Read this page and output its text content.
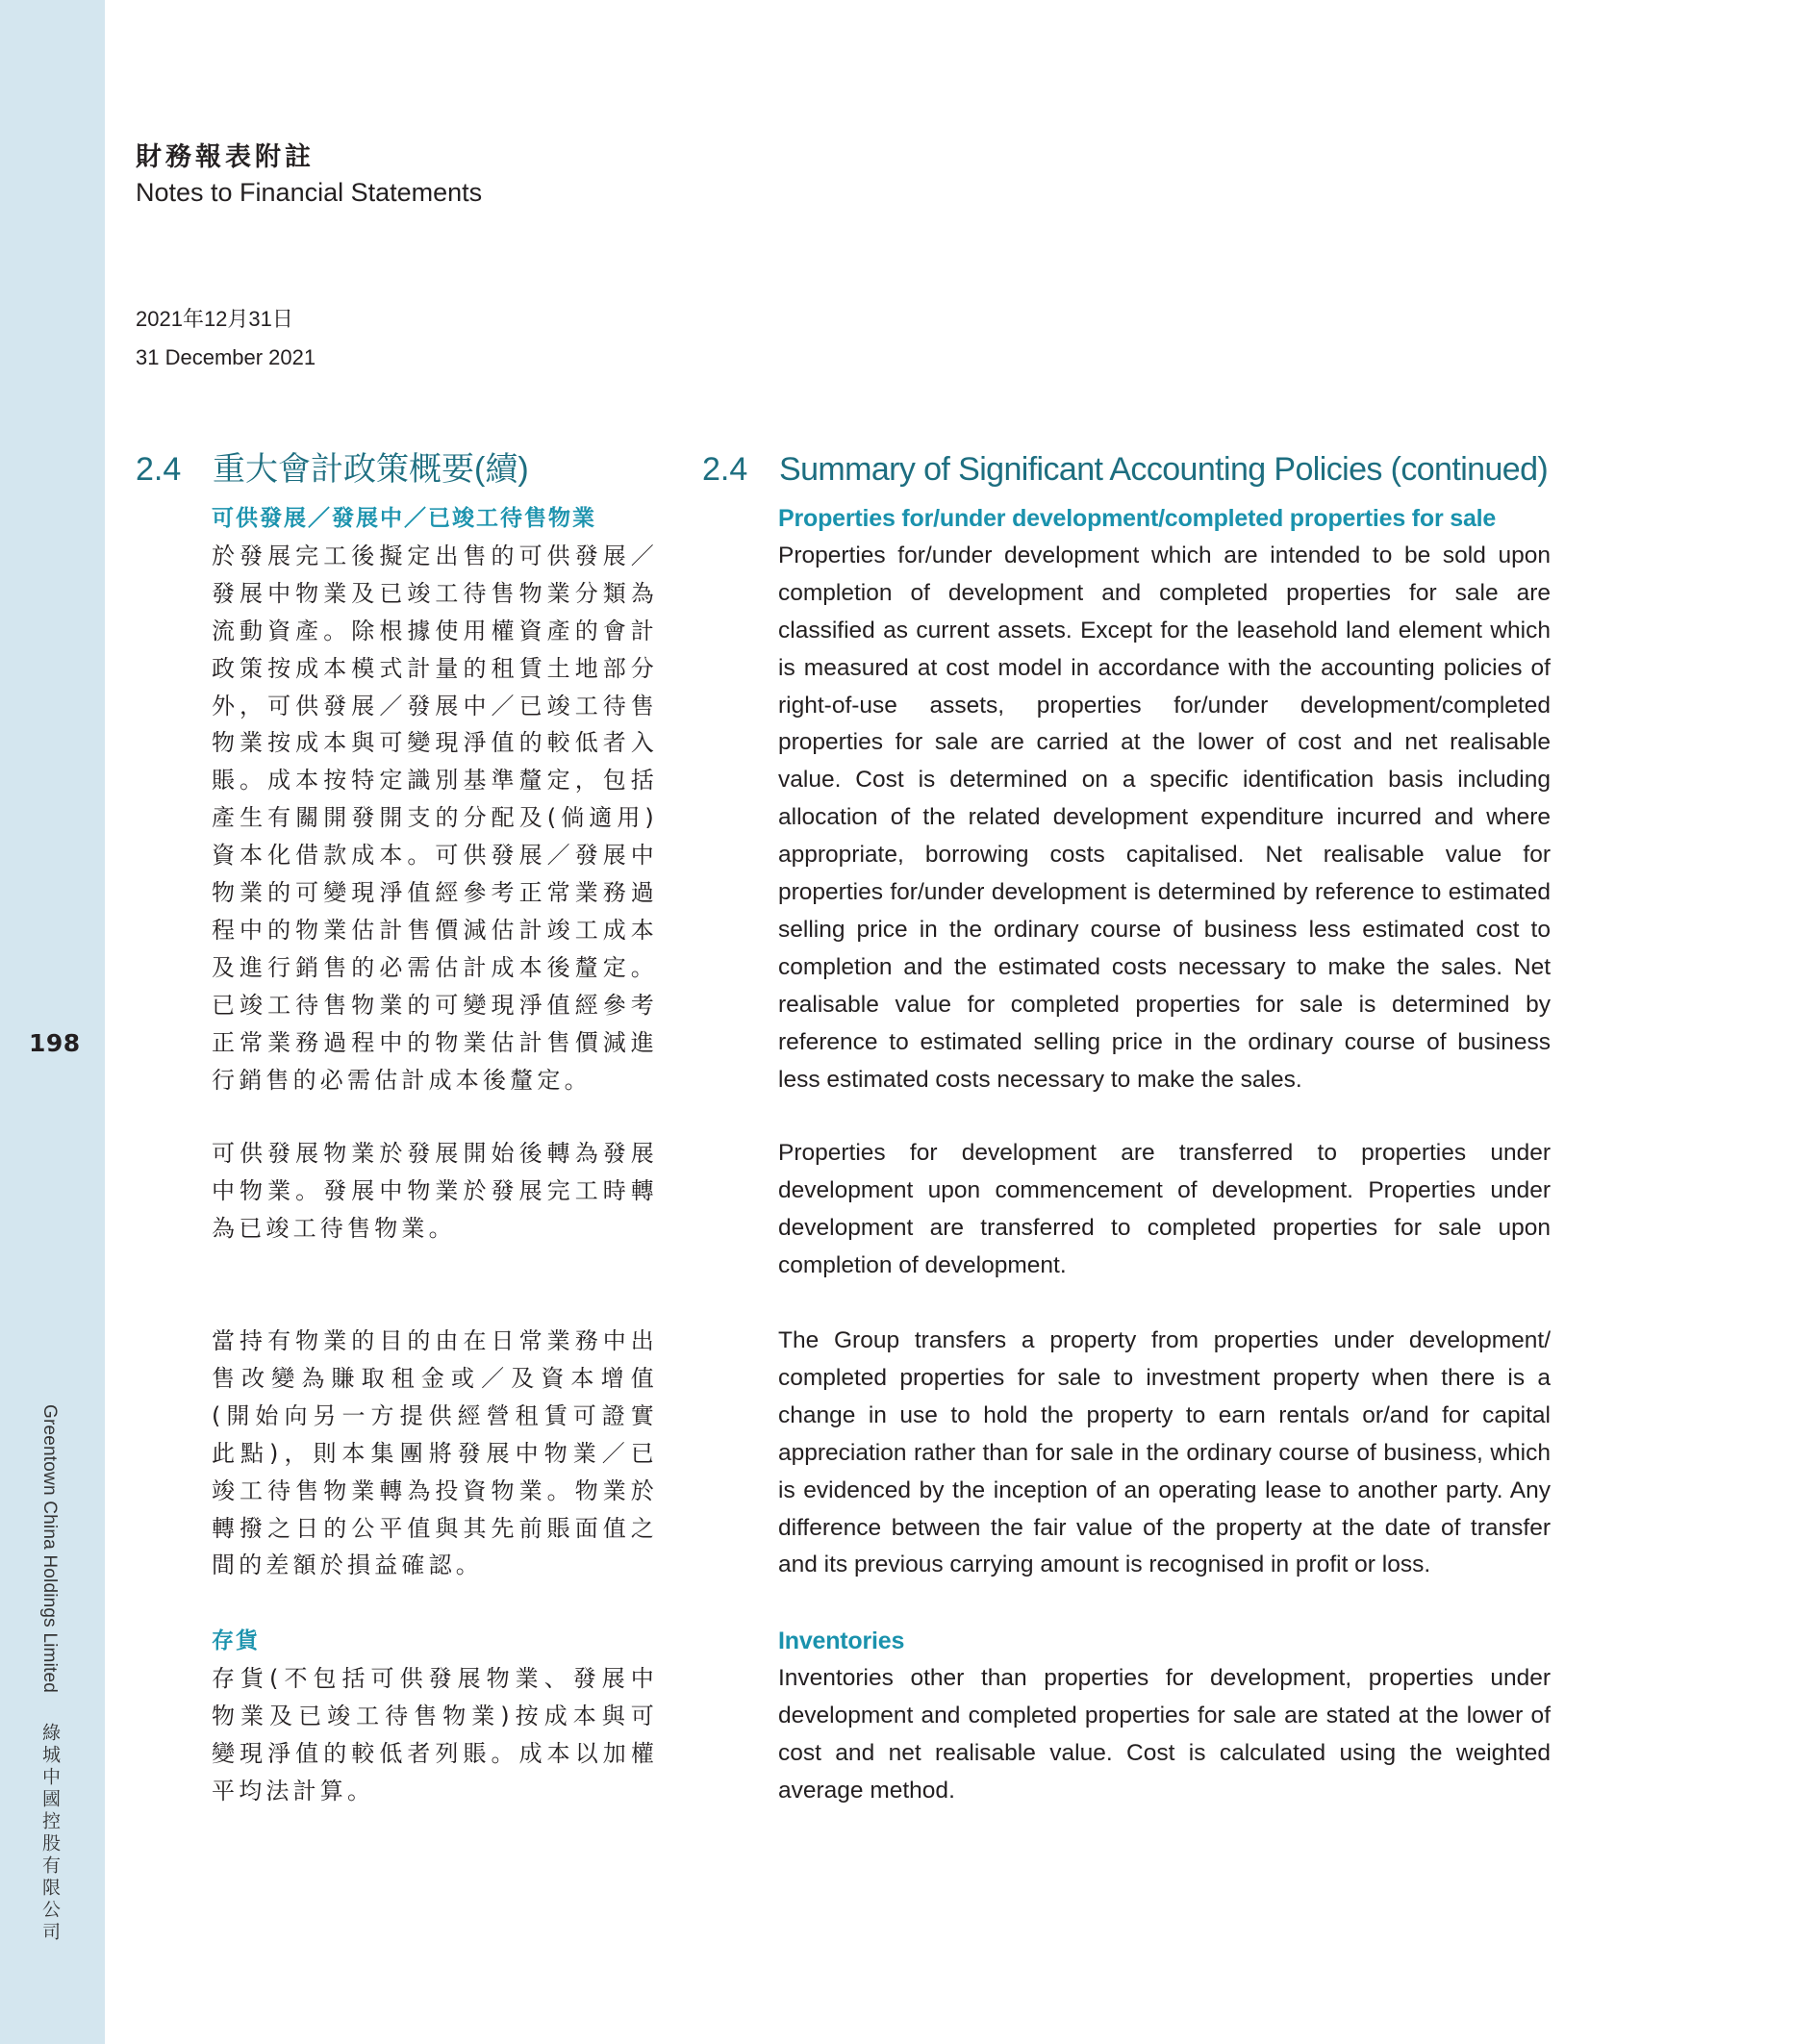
198
Greentown China Holdings Limited 綠城中國控股有限公司
財務報表附註
Notes to Financial Statements
2021年12月31日
31 December 2021
2.4 重大會計政策概要(續)	2.4 Summary of Significant Accounting Policies (continued)
可供發展／發展中／已竣工待售物業

於發展完工後擬定出售的可供發展／發展中物業及已竣工待售物業分類為流動資產。除根據使用權資產的會計政策按成本模式計量的租賃土地部分外，可供發展／發展中／已竣工待售物業按成本與可變現淨值的較低者入賬。成本按特定識別基準釐定，包括產生有關開發開支的分配及(倘適用)資本化借款成本。可供發展／發展中物業的可變現淨值經參考正常業務過程中的物業估計售價減估計竣工成本及進行銷售的必需估計成本後釐定。已竣工待售物業的可變現淨值經參考正常業務過程中的物業估計售價減進行銷售的必需估計成本後釐定。

可供發展物業於發展開始後轉為發展中物業。發展中物業於發展完工時轉為已竣工待售物業。

當持有物業的目的由在日常業務中出售改變為賺取租金或／及資本增值(開始向另一方提供經營租賃可證實此點)，則本集團將發展中物業／已竣工待售物業轉為投資物業。物業於轉撥之日的公平值與其先前賬面值之間的差額於損益確認。

存貨

存貨(不包括可供發展物業、發展中物業及已竣工待售物業)按成本與可變現淨值的較低者列賬。成本以加權平均法計算。

Properties for/under development/completed properties for sale

Properties for/under development which are intended to be sold upon completion of development and completed properties for sale are classified as current assets. Except for the leasehold land element which is measured at cost model in accordance with the accounting policies of right-of-use assets, properties for/under development/completed properties for sale are carried at the lower of cost and net realisable value. Cost is determined on a specific identification basis including allocation of the related development expenditure incurred and where appropriate, borrowing costs capitalised. Net realisable value for properties for/under development is determined by reference to estimated selling price in the ordinary course of business less estimated cost to completion and the estimated costs necessary to make the sales. Net realisable value for completed properties for sale is determined by reference to estimated selling price in the ordinary course of business less estimated costs necessary to make the sales.

Properties for development are transferred to properties under development upon commencement of development. Properties under development are transferred to completed properties for sale upon completion of development.

The Group transfers a property from properties under development/ completed properties for sale to investment property when there is a change in use to hold the property to earn rentals or/and for capital appreciation rather than for sale in the ordinary course of business, which is evidenced by the inception of an operating lease to another party. Any difference between the fair value of the property at the date of transfer and its previous carrying amount is recognised in profit or loss.

Inventories

Inventories other than properties for development, properties under development and completed properties for sale are stated at the lower of cost and net realisable value. Cost is calculated using the weighted average method.
